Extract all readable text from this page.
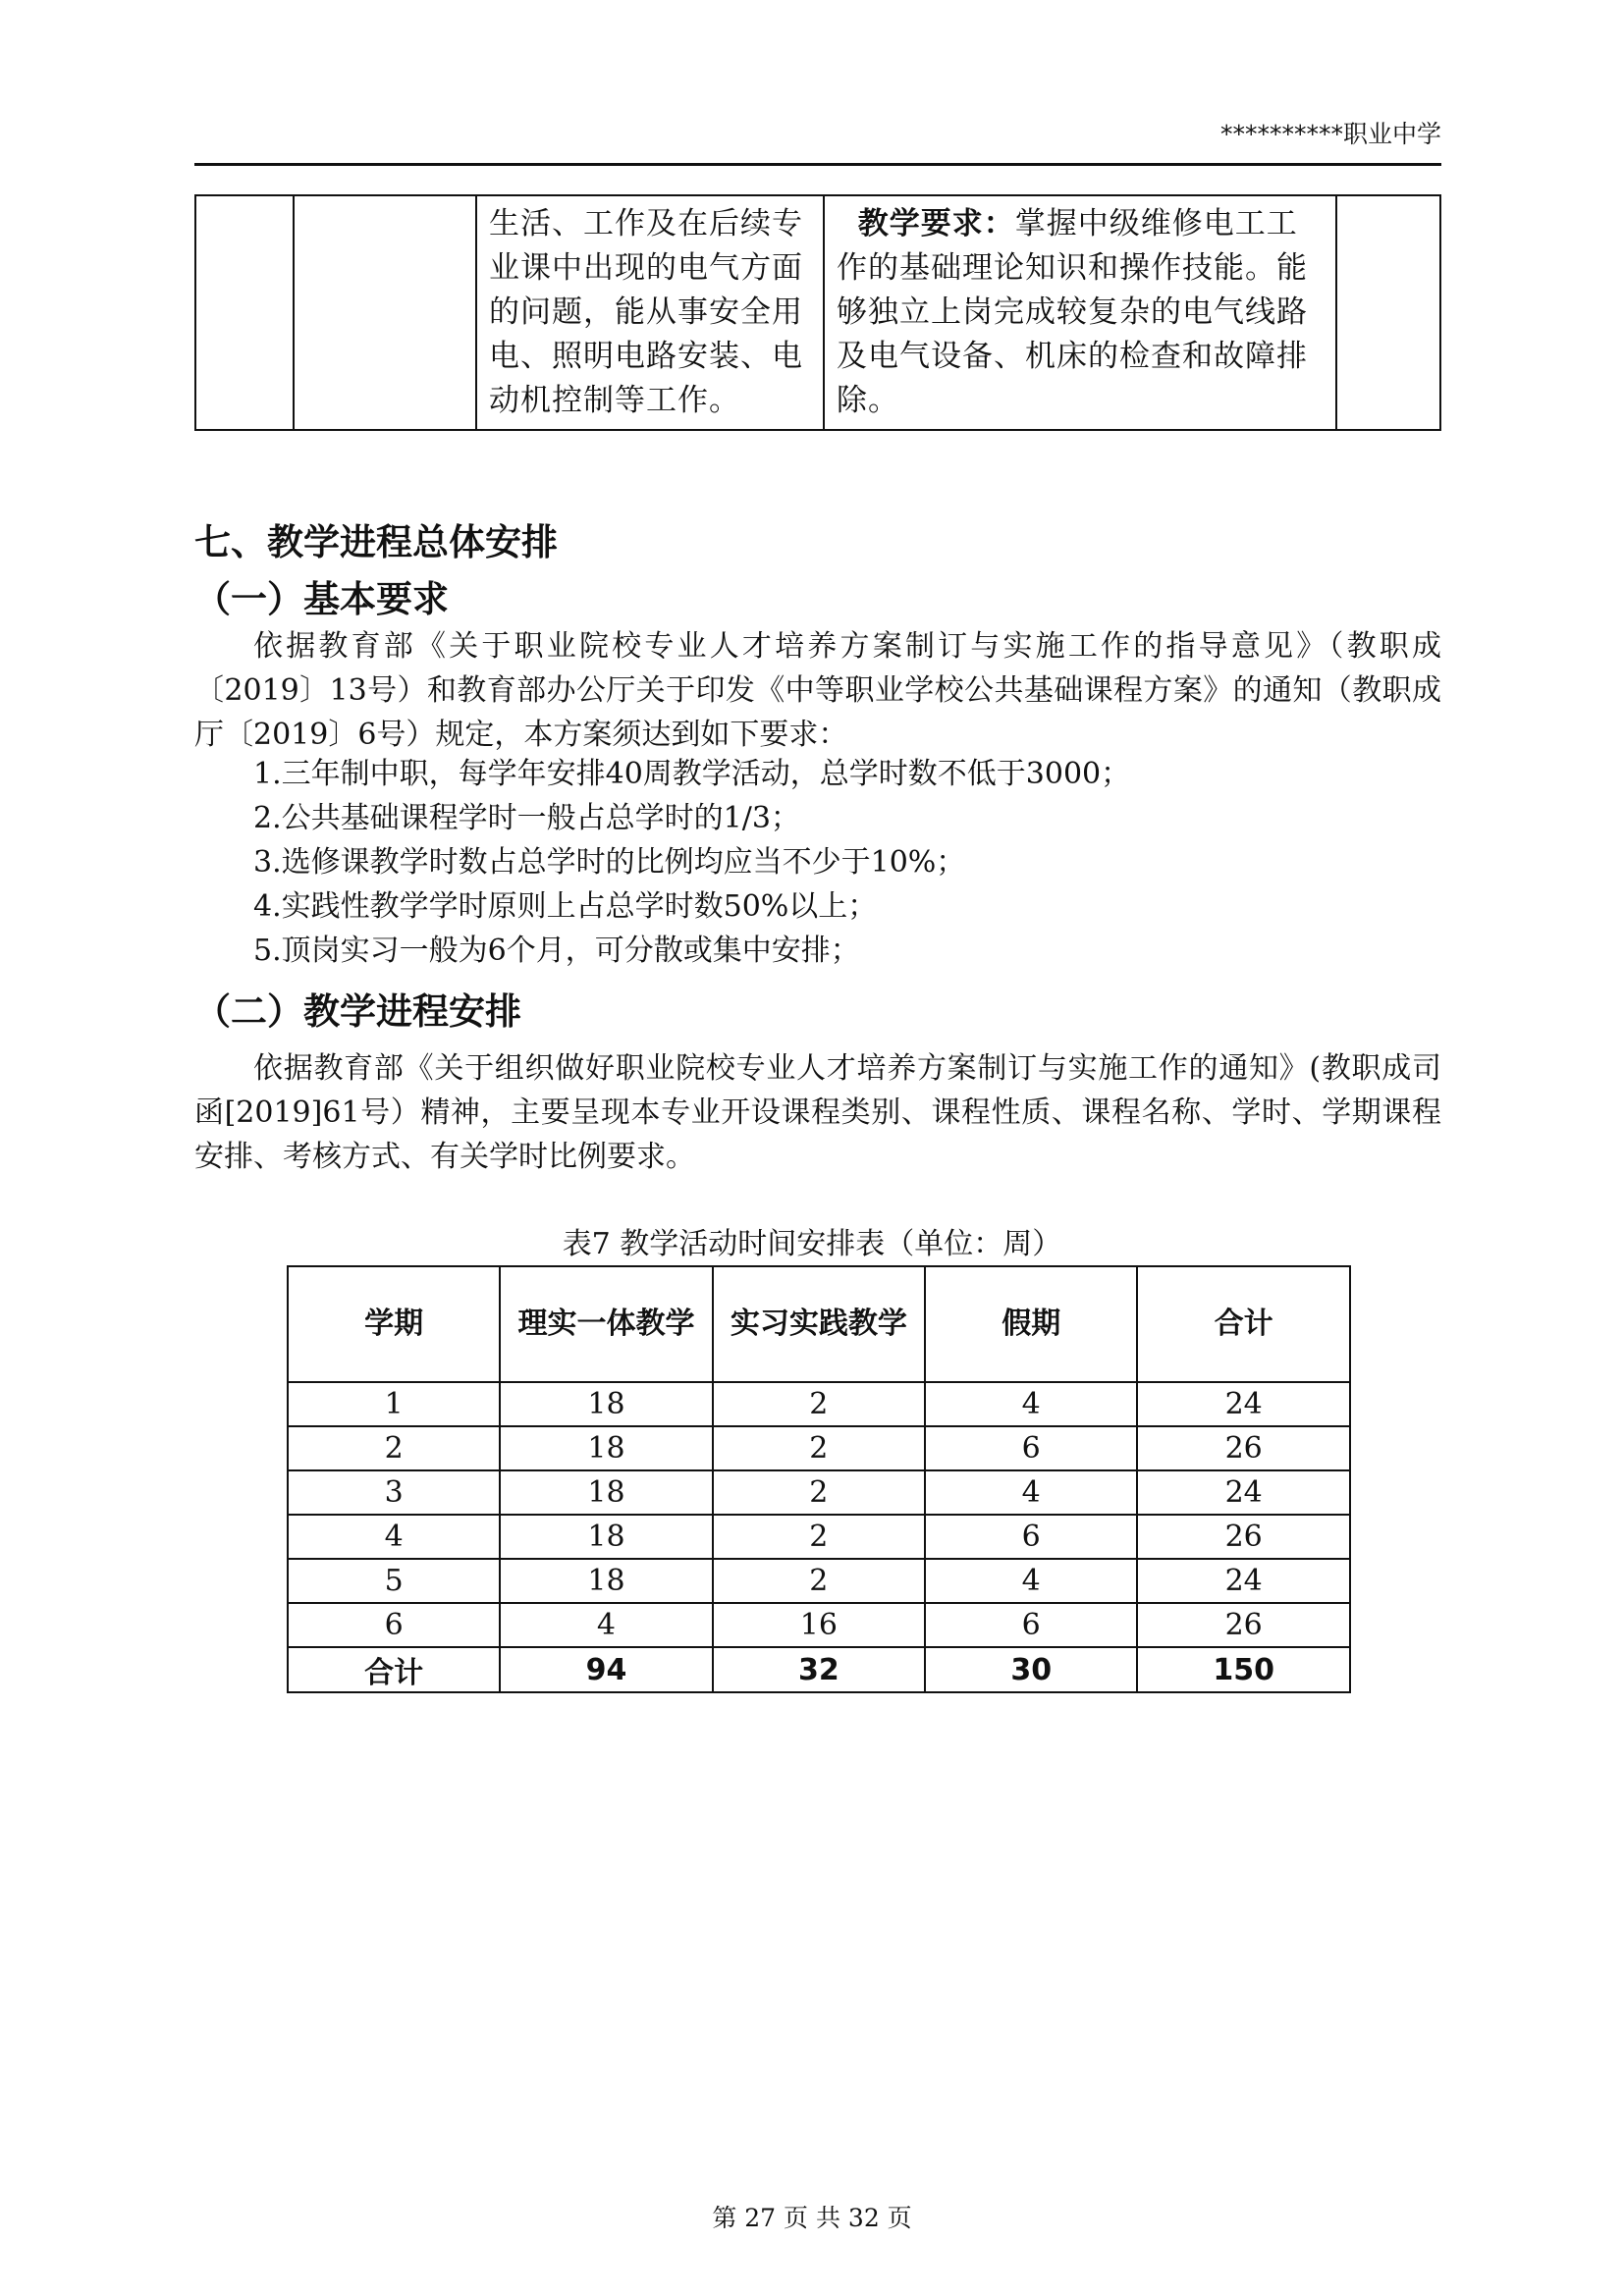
**********职业中学
		生活、工作及在后续专业课中出现的电气方面的问题，能从事安全用电、照明电路安装、电动机控制等工作。	教学要求：掌握中级维修电工工作的基础理论知识和操作技能。能够独立上岗完成较复杂的电气线路及电气设备、机床的检查和故障排除。	
七、教学进程总体安排
（一）基本要求
依据教育部《关于职业院校专业人才培养方案制订与实施工作的指导意见》（教职成〔2019〕13号）和教育部办公厅关于印发《中等职业学校公共基础课程方案》的通知（教职成厅〔2019〕6号）规定，本方案须达到如下要求：
1.三年制中职，每学年安排40周教学活动，总学时数不低于3000；
2.公共基础课程学时一般占总学时的1/3；
3.选修课教学时数占总学时的比例均应当不少于10%；
4.实践性教学学时原则上占总学时数50%以上；
5.顶岗实习一般为6个月，可分散或集中安排；
（二）教学进程安排
依据教育部《关于组织做好职业院校专业人才培养方案制订与实施工作的通知》(教职成司函[2019]61号）精神，主要呈现本专业开设课程类别、课程性质、课程名称、学时、学期课程安排、考核方式、有关学时比例要求。
表7 教学活动时间安排表（单位：周）
学期	理实一体教学	实习实践教学	假期	合计
1	18	2	4	24
2	18	2	6	26
3	18	2	4	24
4	18	2	6	26
5	18	2	4	24
6	4	16	6	26
合计	94	32	30	150
第 27 页 共 32 页
